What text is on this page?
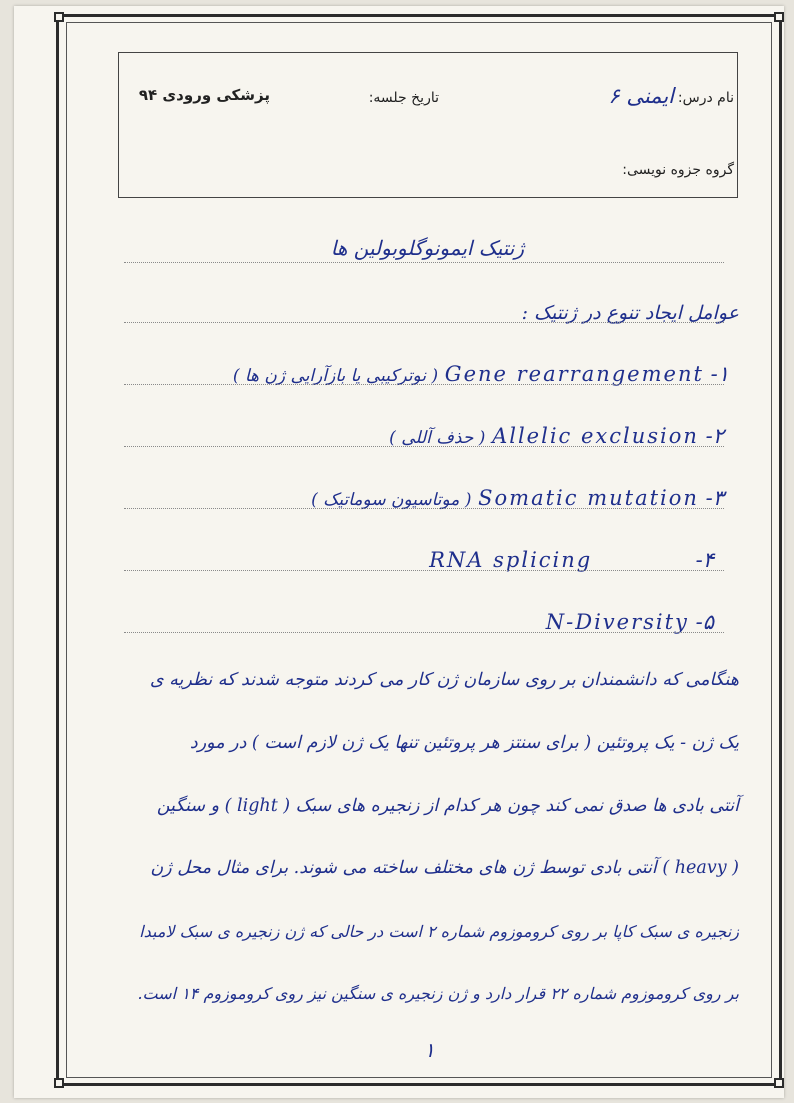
نام درس:
ایمنی ۶
تاریخ جلسه:
پزشکی ورودی ۹۴
گروه جزوه نویسی:
ژنتیک ایمونوگلوبولین ها
عوامل ایجاد تنوع در ژنتیک :
۱- Gene rearrangement ( نوترکیبی یا بازآرایی ژن ها )
۲- Allelic exclusion ( حذف آللی )
۳- Somatic mutation ( موتاسیون سوماتیک )
۴-  RNA splicing
۵- N-Diversity
هنگامی که دانشمندان بر روی سازمان ژن کار می کردند متوجه شدند که نظریه ی
یک ژن - یک پروتئین ( برای سنتز هر پروتئین تنها یک ژن لازم است ) در مورد
آنتی بادی ها صدق نمی کند چون هر کدام از زنجیره های سبک ( light ) و سنگین
( heavy ) آنتی بادی توسط ژن های مختلف ساخته می شوند. برای مثال محل ژن
زنجیره ی سبک کاپا بر روی کروموزوم شماره ۲ است در حالی که ژن زنجیره ی سبک لامبدا
بر روی کروموزوم شماره ۲۲ قرار دارد و ژن زنجیره ی سنگین نیز روی کروموزوم ۱۴ است.
۱
